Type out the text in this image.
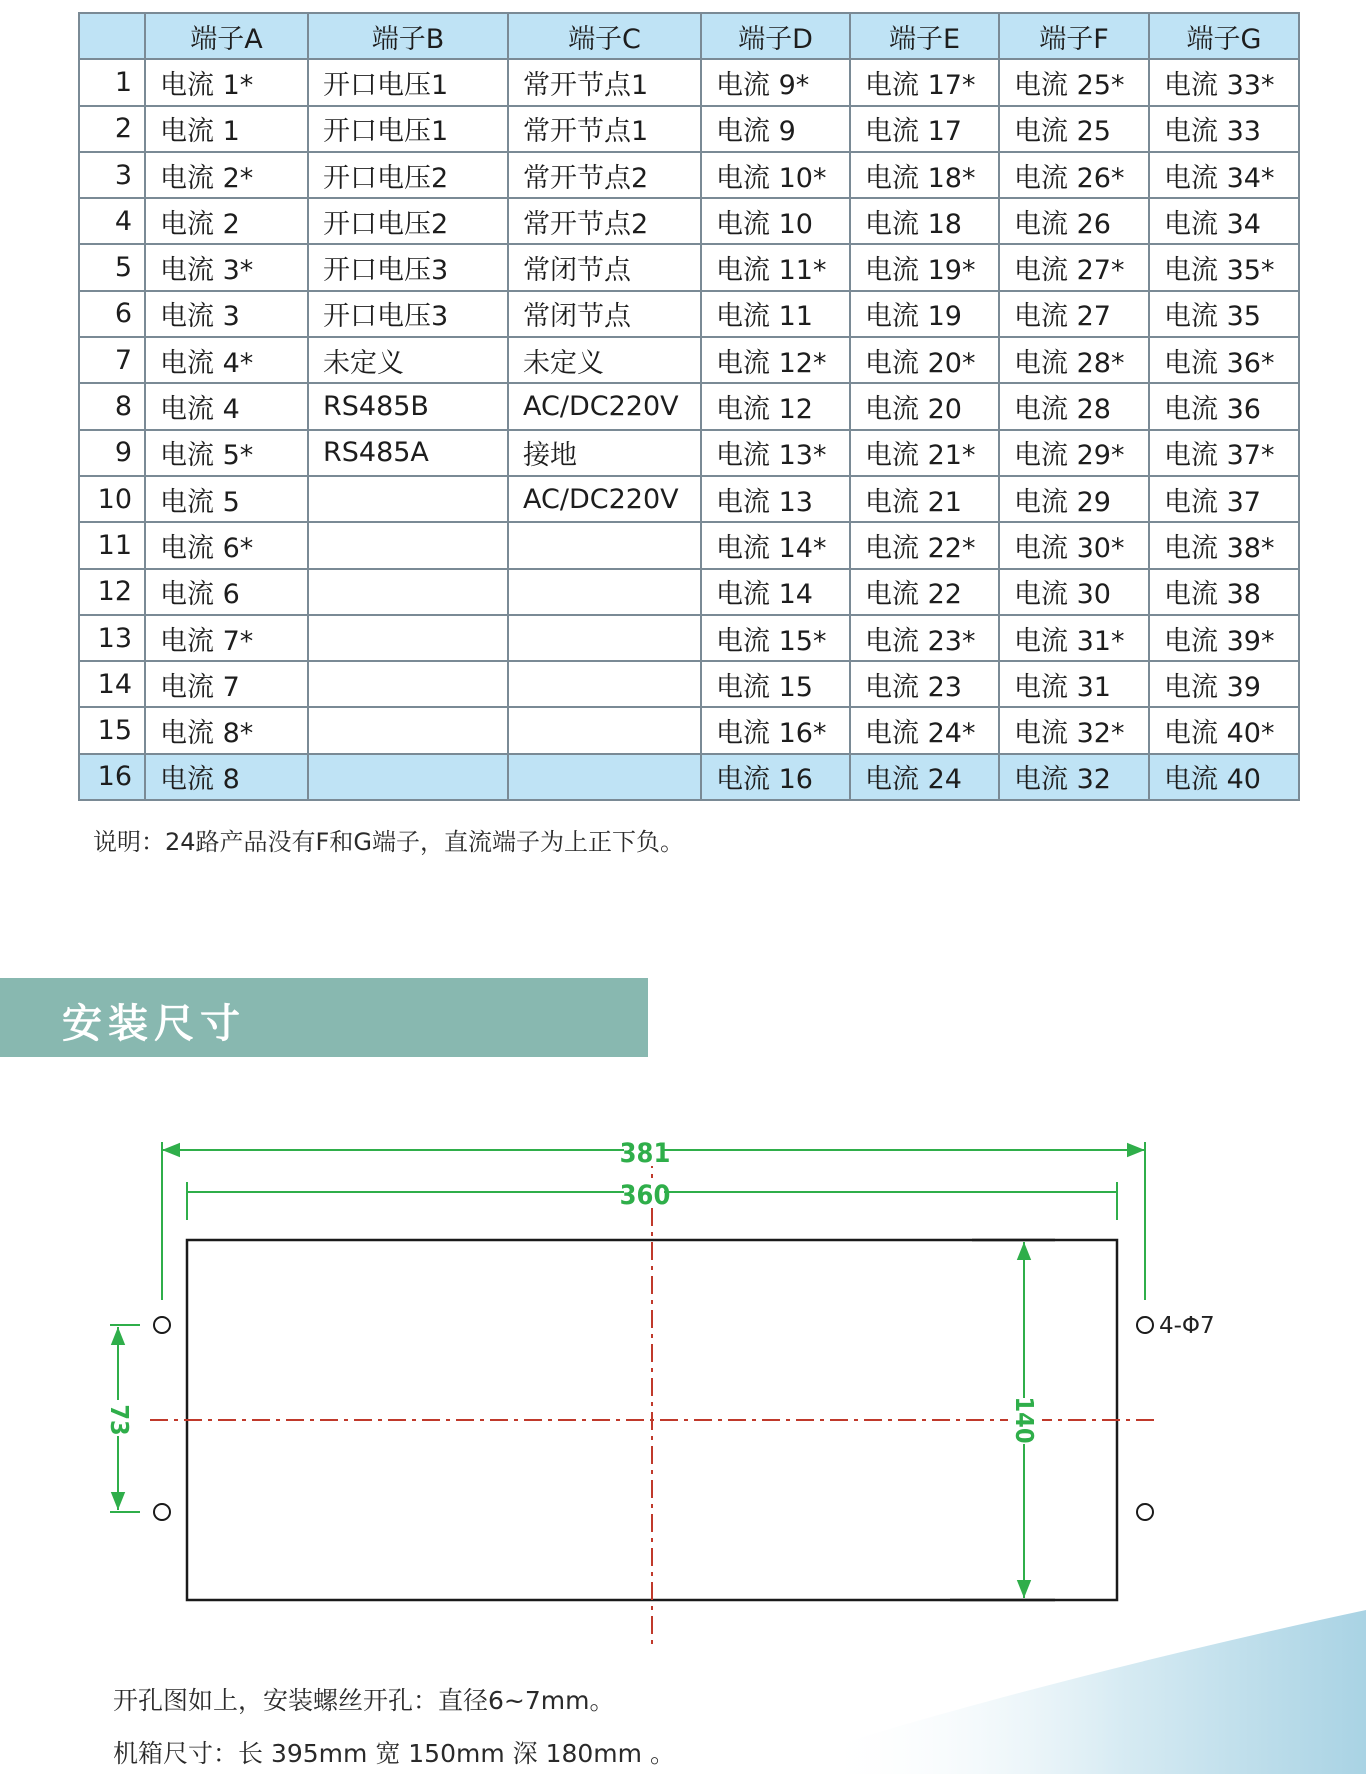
	端子A	端子B	端子C	端子D	端子E	端子F	端子G
1	电流 1*	开口电压1	常开节点1	电流 9*	电流 17*	电流 25*	电流 33*
2	电流 1	开口电压1	常开节点1	电流 9	电流 17	电流 25	电流 33
3	电流 2*	开口电压2	常开节点2	电流 10*	电流 18*	电流 26*	电流 34*
4	电流 2	开口电压2	常开节点2	电流 10	电流 18	电流 26	电流 34
5	电流 3*	开口电压3	常闭节点	电流 11*	电流 19*	电流 27*	电流 35*
6	电流 3	开口电压3	常闭节点	电流 11	电流 19	电流 27	电流 35
7	电流 4*	未定义	未定义	电流 12*	电流 20*	电流 28*	电流 36*
8	电流 4	RS485B	AC/DC220V	电流 12	电流 20	电流 28	电流 36
9	电流 5*	RS485A	接地	电流 13*	电流 21*	电流 29*	电流 37*
10	电流 5		AC/DC220V	电流 13	电流 21	电流 29	电流 37
11	电流 6*			电流 14*	电流 22*	电流 30*	电流 38*
12	电流 6			电流 14	电流 22	电流 30	电流 38
13	电流 7*			电流 15*	电流 23*	电流 31*	电流 39*
14	电流 7			电流 15	电流 23	电流 31	电流 39
15	电流 8*			电流 16*	电流 24*	电流 32*	电流 40*
16	电流 8			电流 16	电流 24	电流 32	电流 40
说明：24路产品没有F和G端子，直流端子为上正下负。
安装尺寸
381
360
140
73
4-Φ7
开孔图如上，安装螺丝开孔：直径6~7mm。
机箱尺寸：长 395mm 宽 150mm 深 180mm 。
